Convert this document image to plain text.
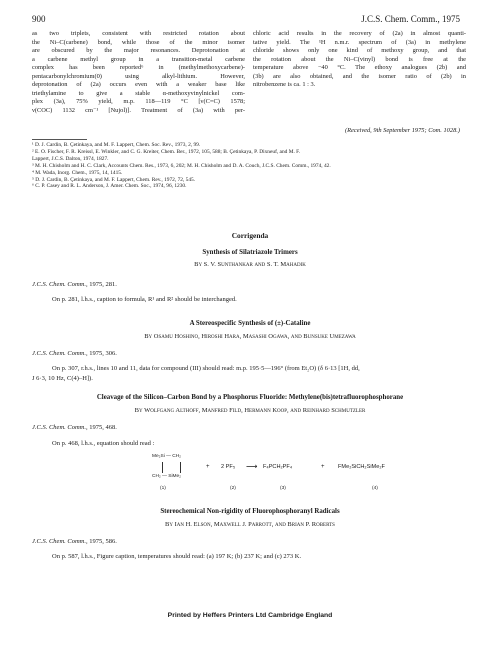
900	J.C.S. Chem. Comm., 1975
as two triplets, consistent with restricted rotation about
the Ni–C(carbene) bond, while those of the minor isomer
are obscured by the major resonances. Deprotonation at
a carbene methyl group in a transition-metal carbene
complex has been reported⁶ in (methylmethoxycarbene)-
pentacarbonylchromium(0) using alkyl-lithium. However,
deprotonation of (2a) occurs even with a weaker base like
triethylamine to give a stable α-methoxyvinylnickel com-
plex (3a), 75% yield, m.p. 118—119 °C [ν(C=C) 1578;
ν(COC) 1132 cm⁻¹ [Nujol)]. Treatment of (3a) with per-
chloric acid results in the recovery of (2a) in almost quanti-
tative yield. The ¹H n.m.r. spectrum of (3a) in methylene
chloride shows only one kind of methoxy group, and that
the rotation about the Ni–C(vinyl) bond is free at the
temperature above −40 °C. The ethoxy analogues (2b) and
(3b) are also obtained, and the isomer ratio of (2b) in
nitrobenzene is ca. 1 : 3.
(Received, 9th September 1975; Com. 1028.)
¹ D. J. Cardin, B. Çetinkaya, and M. F. Lappert, Chem. Soc. Rev., 1973, 2, 99.
² E. O. Fischer, F. R. Kreissl, E. Winkler, and C. G. Kreiter, Chem. Ber., 1972, 105, 588; B. Çetinkaya, P. Dixneuf, and M. F.
Lappert, J.C.S. Dalton, 1974, 1827.
³ M. H. Chisholm and H. C. Clark, Accounts Chem. Res., 1973, 6, 202; M. H. Chisholm and D. A. Couch, J.C.S. Chem. Comm., 1974, 42.
⁴ M. Wada, Inorg. Chem., 1975, 14, 1415.
⁵ D. J. Cardin, B. Çetinkaya, and M. F. Lappert, Chem. Rev., 1972, 72, 545.
⁶ C. P. Casey and R. L. Anderson, J. Amer. Chem. Soc., 1974, 96, 1230.
Corrigenda
Synthesis of Silatriazole Trimers
By S. V. Sunthankar and S. T. Mahadik
J.C.S. Chem. Comm., 1975, 281.
On p. 281, l.h.s., caption to formula, R¹ and R² should be interchanged.
A Stereospecific Synthesis of (±)-Cataline
By Osamu Hoshino, Hiroshi Hara, Masashi Ogawa, and Bunsuke Umezawa
J.C.S. Chem. Comm., 1975, 306.
On p. 307, r.h.s., lines 10 and 11, data for compound (III) should read: m.p. 195·5—196° (from Et₂O) (δ 6·13 [1H, dd,
J 6·3, 10 Hz, C(4)–H]).
Cleavage of the Silicon–Carbon Bond by a Phosphorus Fluoride: Methylene(bis)tetrafluorophosphorane
By Wolfgang Althoff, Manfred Fild, Hermann Koop, and Reinhard Schmutzler
J.C.S. Chem. Comm., 1975, 468.
On p. 468, l.h.s., equation should read :
Me₂Si — CH₂
CH₂ — SiMe₂
+ 2 PF₅ ⟶ F₄PCH₂PF₄	+ FMe₂SiCH₂SiMe₂F
(1)	(2)	(3)	(4)
Stereochemical Non-rigidity of Fluorophosphoranyl Radicals
By Ian H. Elson, Maxwell J. Parrott, and Brian P. Roberts
J.C.S. Chem. Comm., 1975, 586.
On p. 587, l.h.s., Figure caption, temperatures should read: (a) 197 K; (b) 237 K; and (c) 273 K.
Printed by Heffers Printers Ltd Cambridge England
